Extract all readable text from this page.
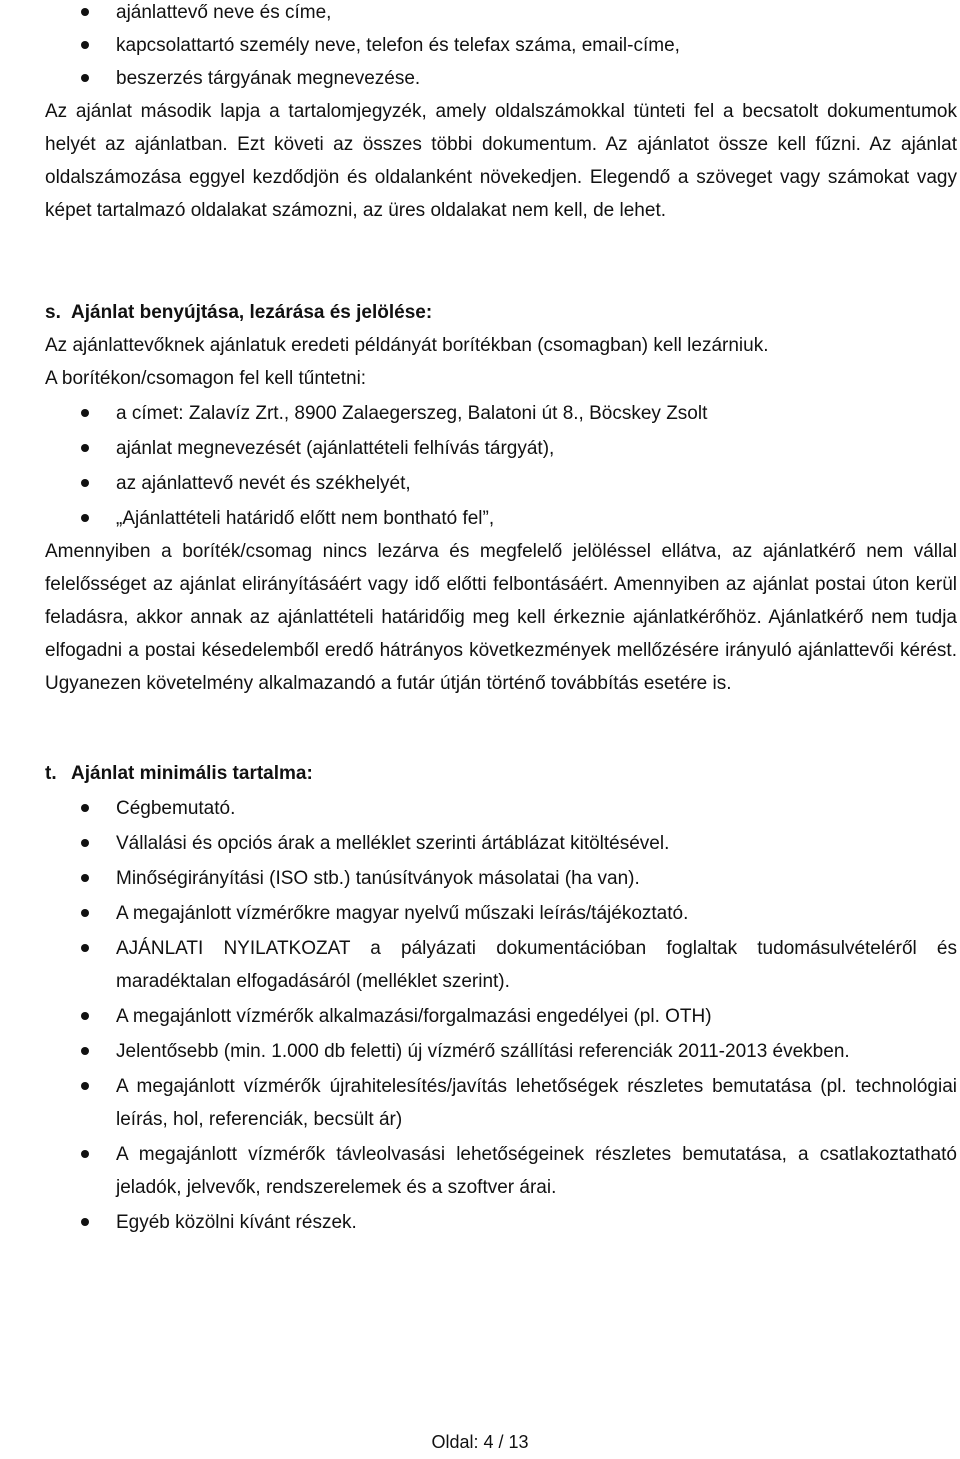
ajánlattevő neve és címe,

kapcsolattartó személy neve, telefon és telefax száma, email-címe,

beszerzés tárgyának megnevezése.

Az ajánlat második lapja a tartalomjegyzék, amely oldalszámokkal tünteti fel a becsatolt dokumentumok helyét az ajánlatban. Ezt követi az összes többi dokumentum. Az ajánlatot össze kell fűzni. Az ajánlat oldalszámozása eggyel kezdődjön és oldalanként növekedjen. Elegendő a szöveget vagy számokat vagy képet tartalmazó oldalakat számozni, az üres oldalakat nem kell, de lehet.

s. Ajánlat benyújtása, lezárása és jelölése:

Az ajánlattevőknek ajánlatuk eredeti példányát borítékban (csomagban) kell lezárniuk.

A borítékon/csomagon fel kell tűntetni:

a címet: Zalavíz Zrt., 8900 Zalaegerszeg, Balatoni út 8., Böcskey Zsolt

ajánlat megnevezését (ajánlattételi felhívás tárgyát),

az ajánlattevő nevét és székhelyét,

„Ajánlattételi határidő előtt nem bontható fel”,

Amennyiben a boríték/csomag nincs lezárva és megfelelő jelöléssel ellátva, az ajánlatkérő nem vállal felelősséget az ajánlat elirányításáért vagy idő előtti felbontásáért. Amennyiben az ajánlat postai úton kerül feladásra, akkor annak az ajánlattételi határidőig meg kell érkeznie ajánlatkérőhöz. Ajánlatkérő nem tudja elfogadni a postai késedelemből eredő hátrányos következmények mellőzésére irányuló ajánlattevői kérést. Ugyanezen követelmény alkalmazandó a futár útján történő továbbítás esetére is.

t. Ajánlat minimális tartalma:

Cégbemutató.

Vállalási és opciós árak a melléklet szerinti ártáblázat kitöltésével.

Minőségirányítási (ISO stb.) tanúsítványok másolatai (ha van).

A megajánlott vízmérőkre magyar nyelvű műszaki leírás/tájékoztató.

AJÁNLATI NYILATKOZAT a pályázati dokumentációban foglaltak tudomásulvételéről és maradéktalan elfogadásáról (melléklet szerint).

A megajánlott vízmérők alkalmazási/forgalmazási engedélyei (pl. OTH)

Jelentősebb (min. 1.000 db feletti) új vízmérő szállítási referenciák 2011-2013 években.

A megajánlott vízmérők újrahitelesítés/javítás lehetőségek részletes bemutatása (pl. technológiai leírás, hol, referenciák, becsült ár)

A megajánlott vízmérők távleolvasási lehetőségeinek részletes bemutatása, a csatlakoztatható jeladók, jelvevők, rendszerelemek és a szoftver árai.

Egyéb közölni kívánt részek.

Oldal: 4 / 13
